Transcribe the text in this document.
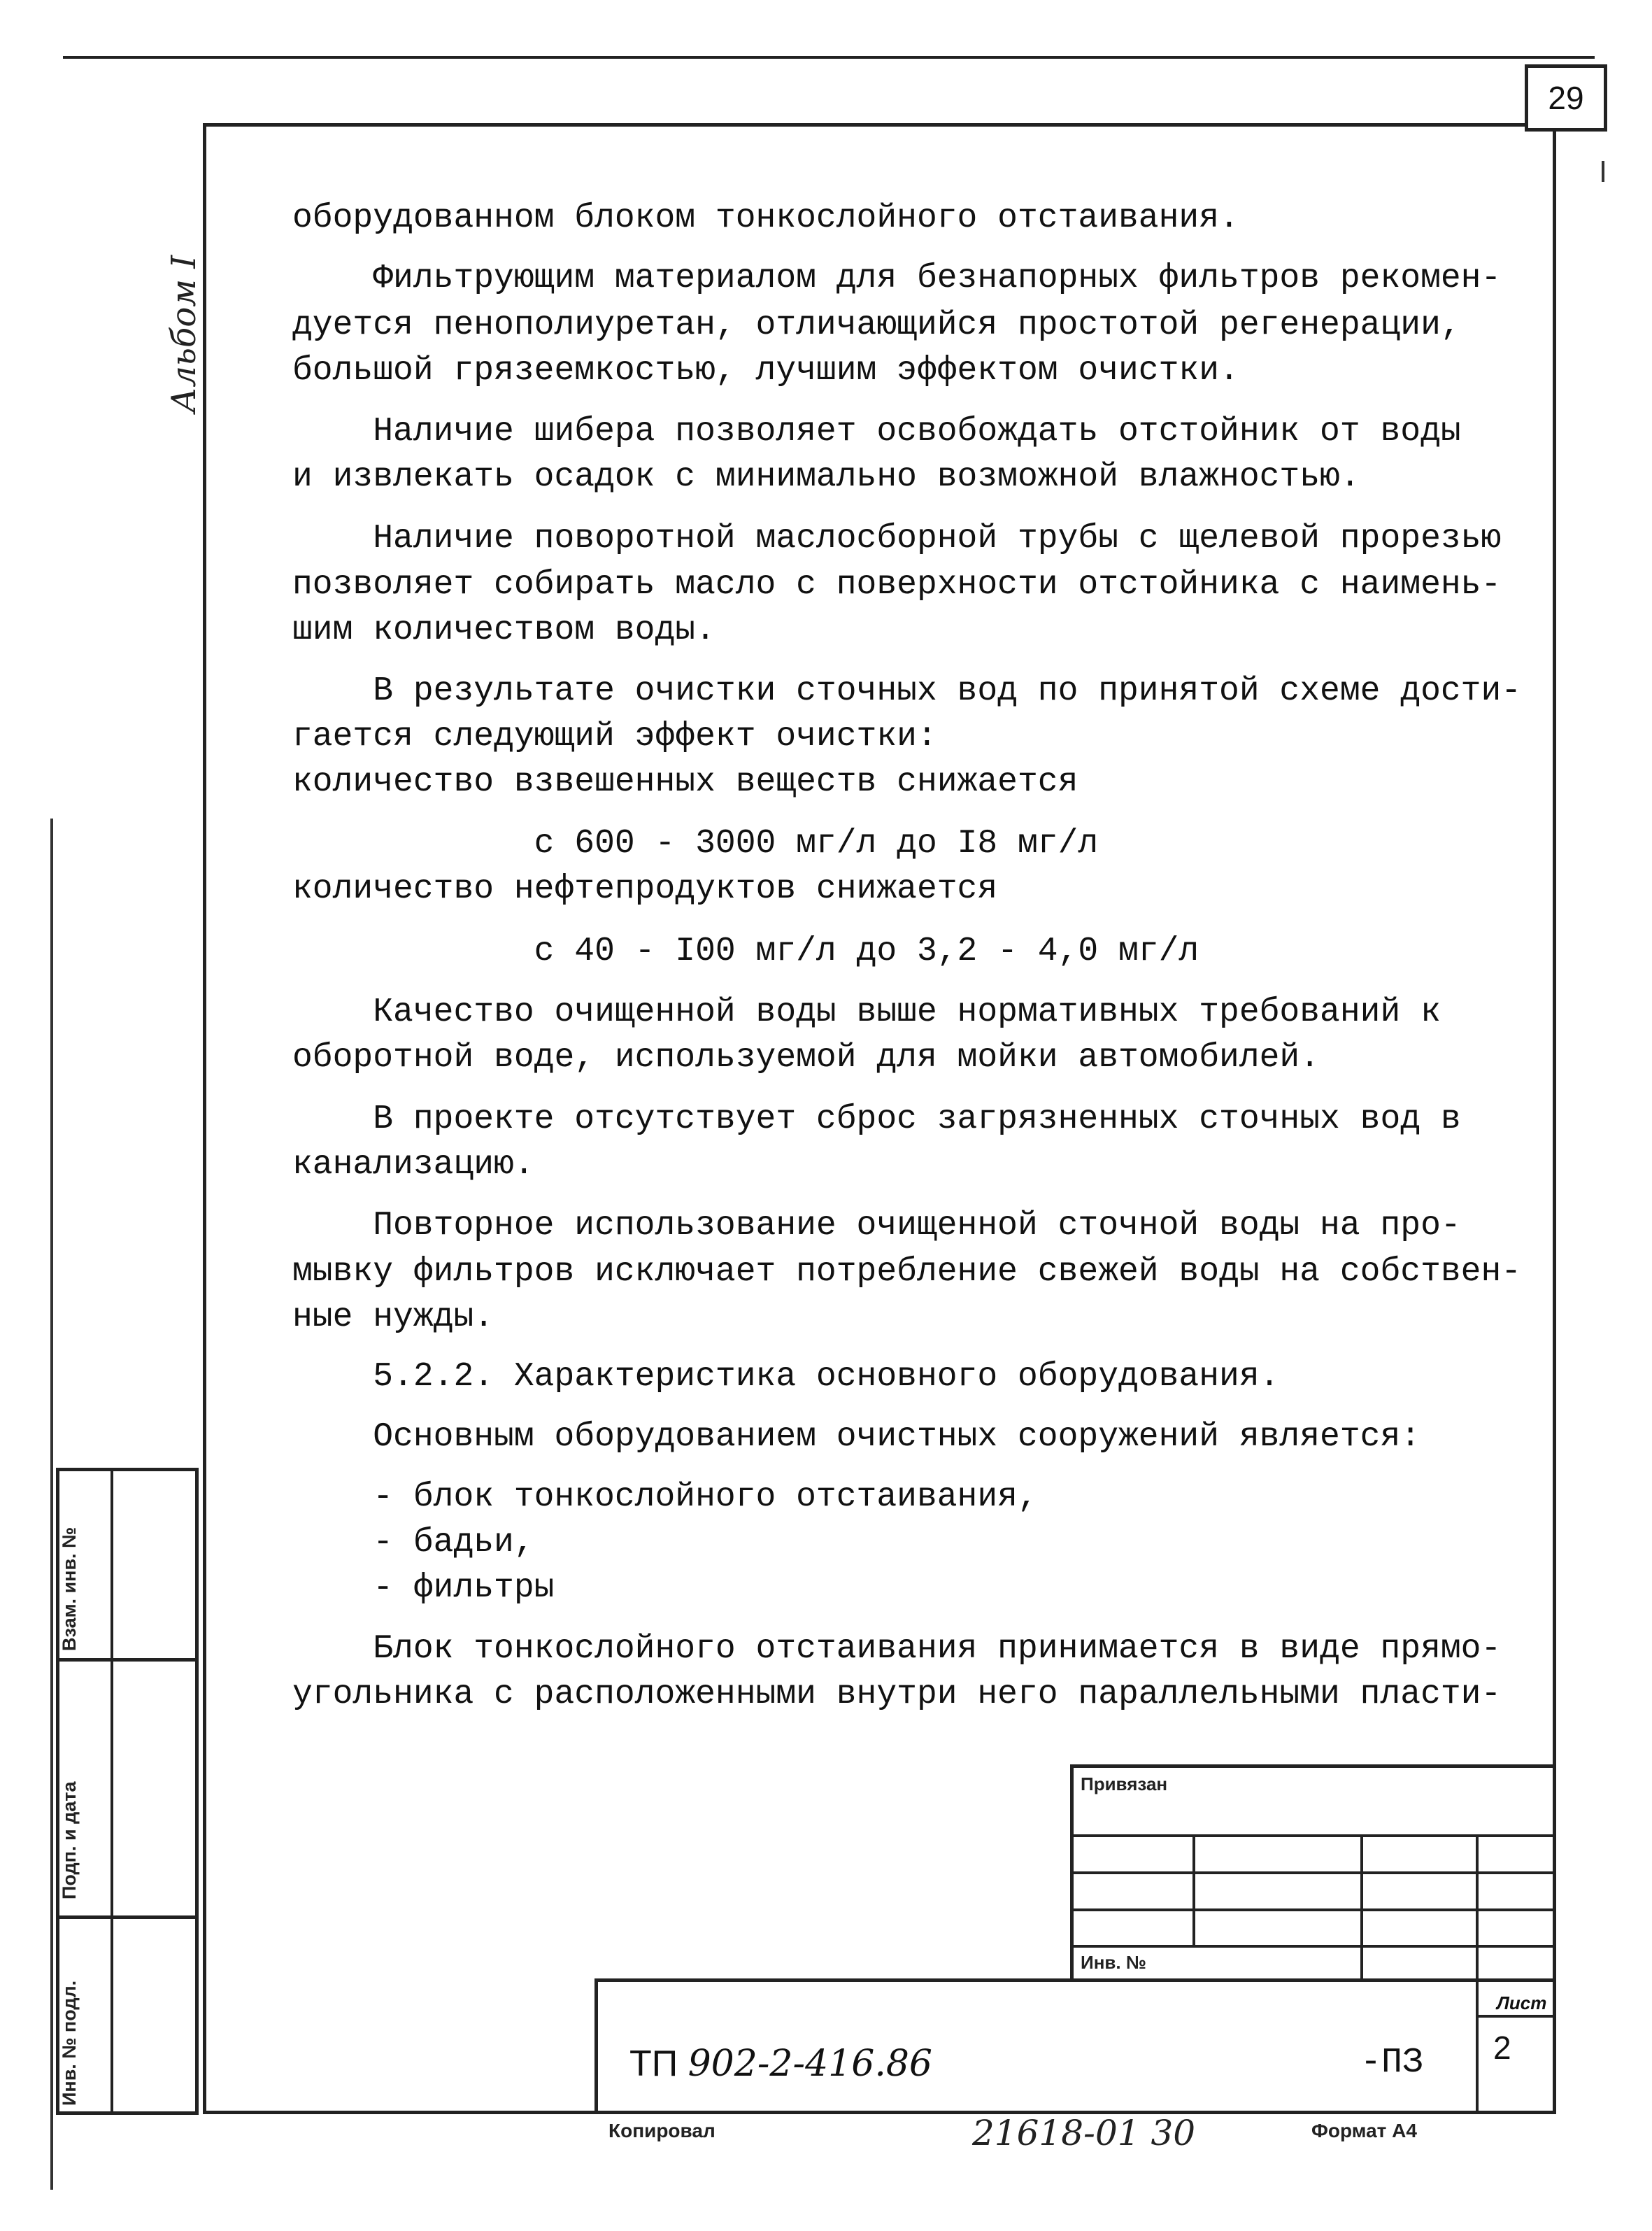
29
Альбом I
оборудованном блоком тонкослойного отстаивания.
Фильтрующим материалом для безнапорных фильтров рекомен-
дуется пенополиуретан, отличающийся простотой регенерации,
большой грязеемкостью, лучшим эффектом очистки.
Наличие шибера позволяет освобождать отстойник от воды
и извлекать осадок с минимально возможной влажностью.
Наличие поворотной маслосборной трубы с щелевой прорезью
позволяет собирать масло с поверхности отстойника с наимень-
шим количеством воды.
В результате очистки сточных вод по принятой схеме дости-
гается следующий эффект очистки:
количество взвешенных веществ снижается
с 600 - 3000 мг/л до I8 мг/л
количество нефтепродуктов снижается
с 40 - I00 мг/л до 3,2 - 4,0 мг/л
Качество очищенной воды выше нормативных требований к
оборотной воде, используемой для мойки автомобилей.
В проекте отсутствует сброс загрязненных сточных вод в
канализацию.
Повторное использование очищенной сточной воды на про-
мывку фильтров исключает потребление свежей воды на собствен-
ные нужды.
5.2.2. Характеристика основного оборудования.
Основным оборудованием очистных сооружений является:
- блок тонкослойного отстаивания,
- бадьи,
- фильтры
Блок тонкослойного отстаивания принимается в виде прямо-
угольника с расположенными внутри него параллельными пласти-
Взам. инв. №
Подп. и дата
Инв. № подл.
Привязан
Инв. №
Лист
2
ТП 902-2-416.86	-ПЗ
Копировал	21618-01 30	Формат А4
